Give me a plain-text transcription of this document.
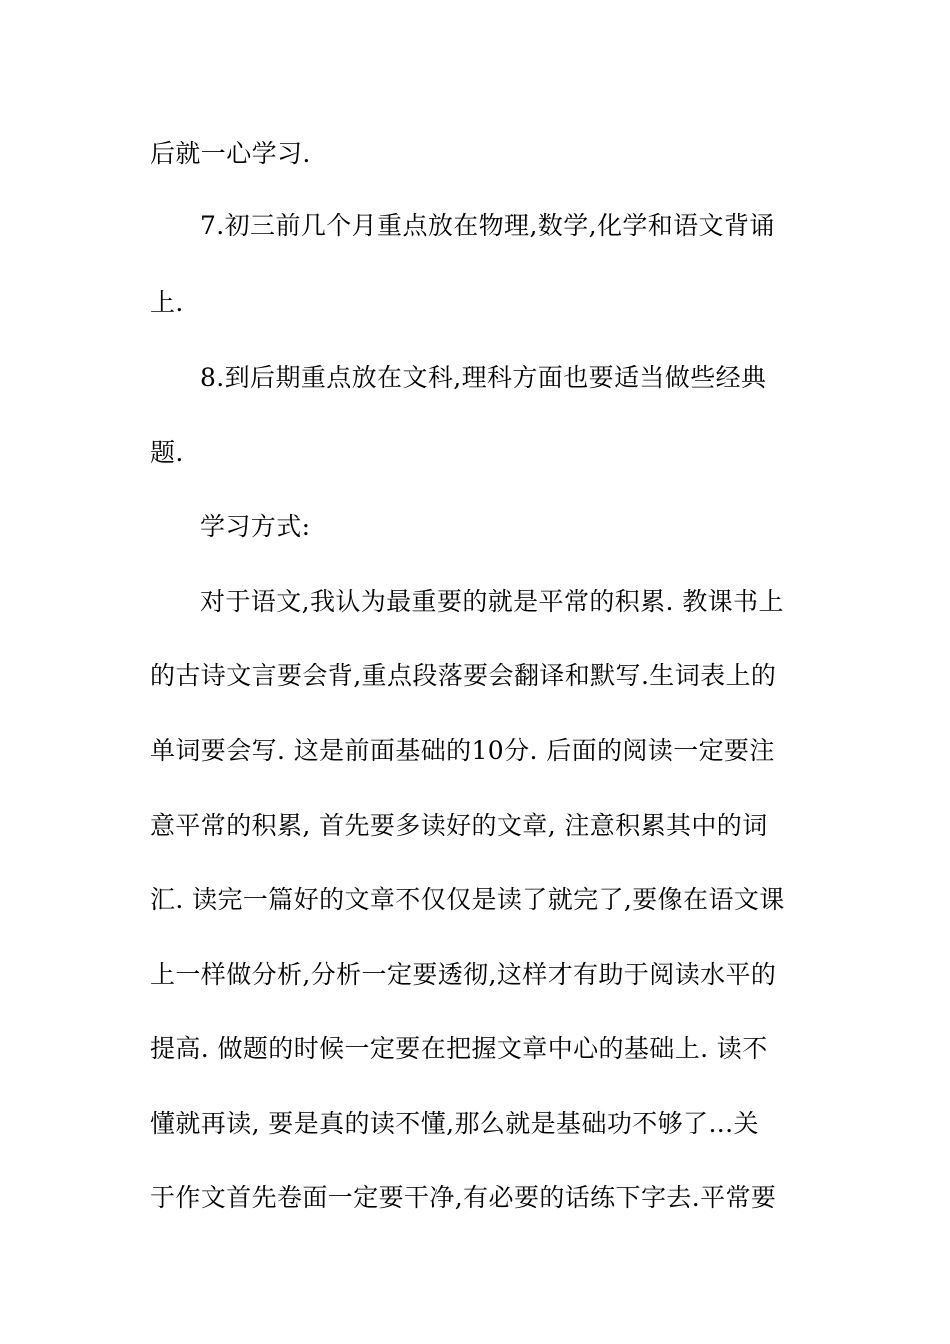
后就一心学习.
7.初三前几个月重点放在物理,数学,化学和语文背诵
上.
8.到后期重点放在文科,理科方面也要适当做些经典
题.
学习方式:
对于语文,我认为最重要的就是平常的积累. 教课书上
的古诗文言要会背,重点段落要会翻译和默写.生词表上的
单词要会写. 这是前面基础的10分. 后面的阅读一定要注
意平常的积累, 首先要多读好的文章, 注意积累其中的词
汇. 读完一篇好的文章不仅仅是读了就完了,要像在语文课
上一样做分析,分析一定要透彻,这样才有助于阅读水平的
提高. 做题的时候一定要在把握文章中心的基础上. 读不
懂就再读, 要是真的读不懂,那么就是基础功不够了...关
于作文首先卷面一定要干净,有必要的话练下字去.平常要
